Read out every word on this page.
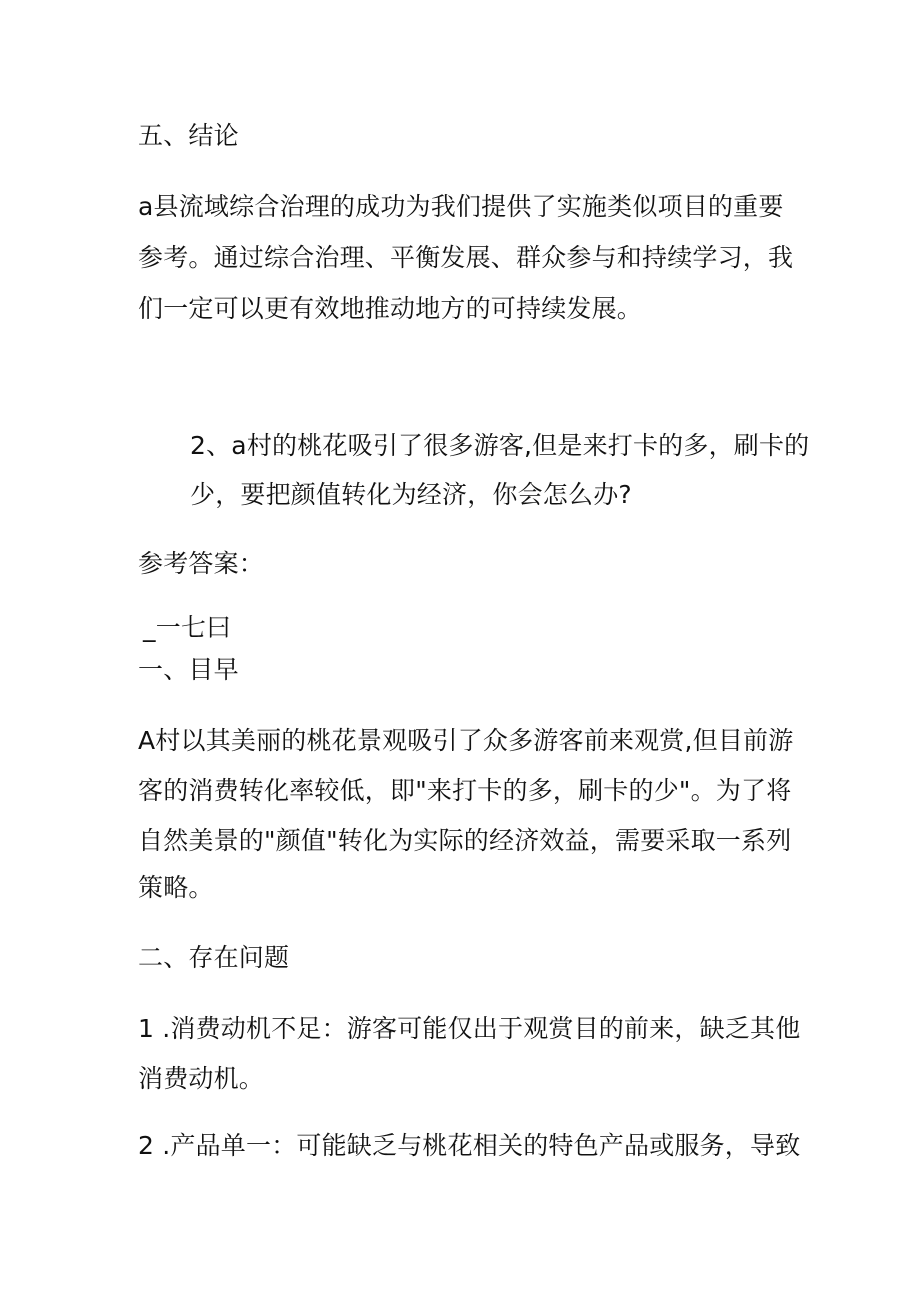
五、结论
a县流域综合治理的成功为我们提供了实施类似项目的重要
参考。通过综合治理、平衡发展、群众参与和持续学习，我
们一定可以更有效地推动地方的可持续发展。
2、a村的桃花吸引了很多游客,但是来打卡的多，刷卡的
少，要把颜值转化为经济，你会怎么办?
参考答案：
_一七曰
一、目早
A村以其美丽的桃花景观吸引了众多游客前来观赏,但目前游
客的消费转化率较低，即"来打卡的多，刷卡的少"。为了将
自然美景的"颜值"转化为实际的经济效益，需要采取一系列
策略。
二、存在问题
1 .消费动机不足：游客可能仅出于观赏目的前来，缺乏其他
消费动机。
2 .产品单一：可能缺乏与桃花相关的特色产品或服务，导致
